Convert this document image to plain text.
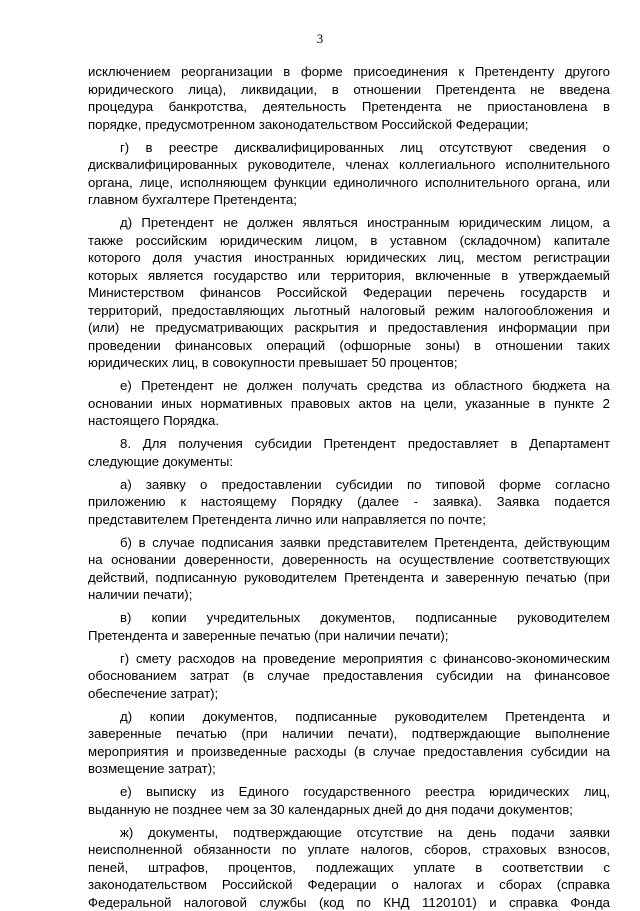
3
исключением реорганизации в форме присоединения к Претенденту другого
юридического лица), ликвидации, в отношении Претендента не введена
процедура банкротства, деятельность Претендента не приостановлена в
порядке, предусмотренном законодательством Российской Федерации;
г) в реестре дисквалифицированных лиц отсутствуют сведения о
дисквалифицированных руководителе, членах коллегиального исполнительного
органа, лице, исполняющем функции единоличного исполнительного органа, или
главном бухгалтере Претендента;
д) Претендент не должен являться иностранным юридическим лицом, а
также российским юридическим лицом, в уставном (складочном) капитале
которого доля участия иностранных юридических лиц, местом регистрации
которых является государство или территория, включенные в утверждаемый
Министерством финансов Российской Федерации перечень государств и
территорий, предоставляющих льготный налоговый режим налогообложения и
(или) не предусматривающих раскрытия и предоставления информации при
проведении финансовых операций (офшорные зоны) в отношении таких
юридических лиц, в совокупности превышает 50 процентов;
е) Претендент не должен получать средства из областного бюджета на
основании иных нормативных правовых актов на цели, указанные в пункте 2
настоящего Порядка.
8. Для получения субсидии Претендент предоставляет в Департамент
следующие документы:
а) заявку о предоставлении субсидии по типовой форме согласно
приложению к настоящему Порядку (далее - заявка). Заявка подается
представителем Претендента лично или направляется по почте;
б) в случае подписания заявки представителем Претендента, действующим
на основании доверенности, доверенность на осуществление соответствующих
действий, подписанную руководителем Претендента и заверенную печатью (при
наличии печати);
в) копии учредительных документов, подписанные руководителем
Претендента и заверенные печатью (при наличии печати);
г) смету расходов на проведение мероприятия с финансово-экономическим
обоснованием затрат (в случае предоставления субсидии на финансовое
обеспечение затрат);
д) копии документов, подписанные руководителем Претендента и
заверенные печатью (при наличии печати), подтверждающие выполнение
мероприятия и произведенные расходы (в случае предоставления субсидии на
возмещение затрат);
е) выписку из Единого государственного реестра юридических лиц,
выданную не позднее чем за 30 календарных дней до дня подачи документов;
ж) документы, подтверждающие отсутствие на день подачи заявки
неисполненной обязанности по уплате налогов, сборов, страховых взносов,
пеней, штрафов, процентов, подлежащих уплате в соответствии с
законодательством Российской Федерации о налогах и сборах (справка
Федеральной налоговой службы (код по КНД 1120101) и справка Фонда
